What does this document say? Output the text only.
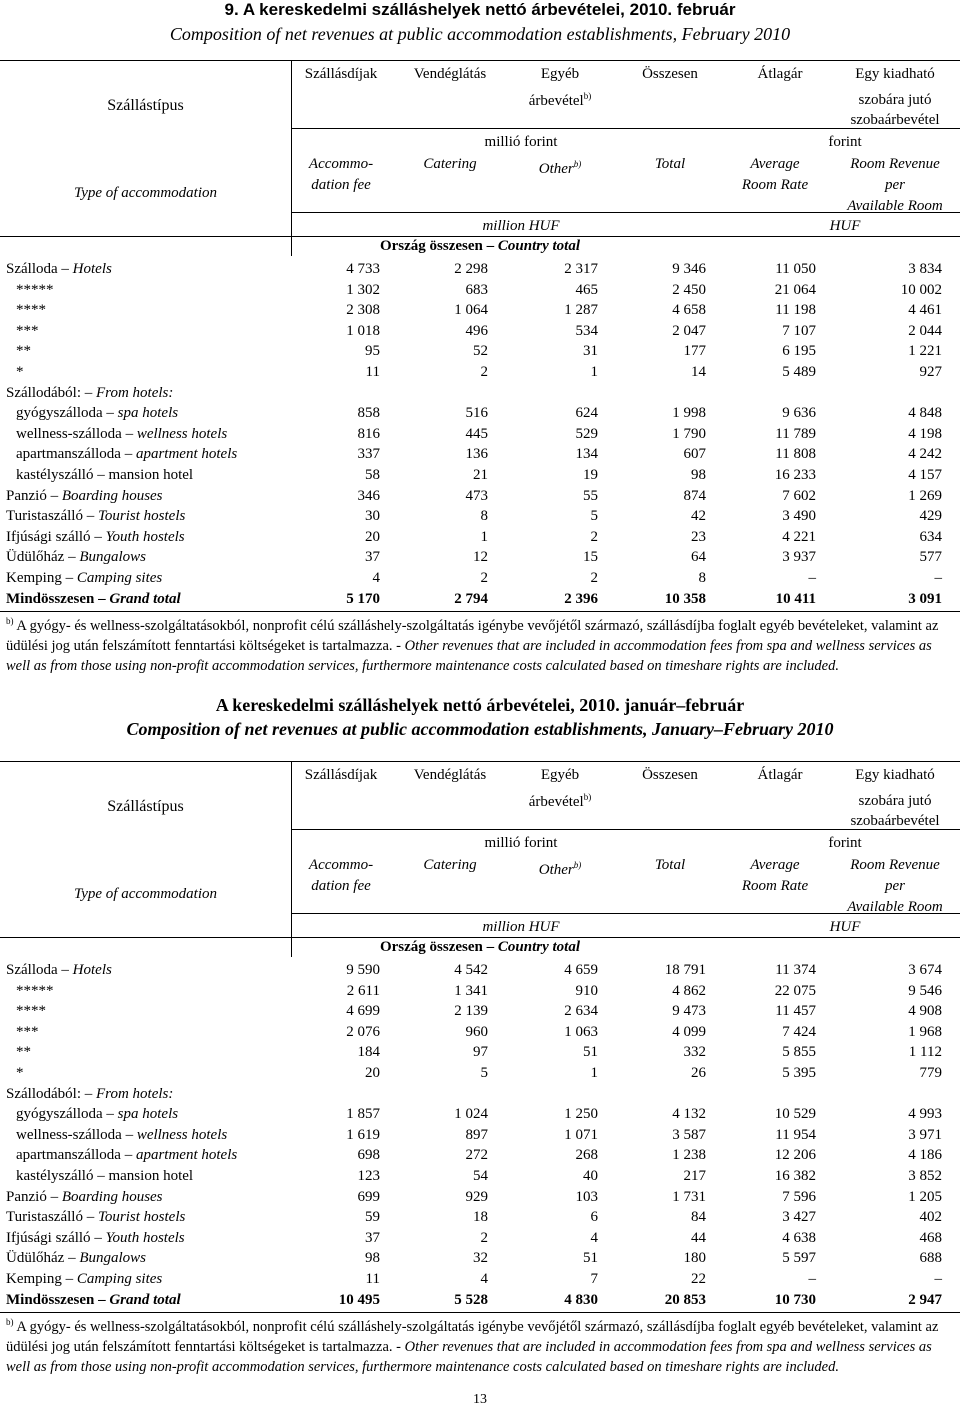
9. A kereskedelmi szálláshelyek nettó árbevételei, 2010. február
Composition of net revenues at public accommodation establishments, February 2010
Szállástípus
Type of accommodation
Szállásdíjak	Vendéglátás	Egyéb
árbevétel$^{b)}$
Összesen	Átlagár	Egy kiadható
szobára jutó
szobaárbevétel
millió forint	forint
Accommo-
dation fee
Catering	Other$^{b)}$	Total	Average
Room Rate
Room Revenue
per
Available Room
million HUF	HUF
Ország összesen – Country total
Szálloda – Hotels	4 733	2 298	2 317	9 346	11 050	3 834
*****	1 302	683	465	2 450	21 064	10 002
****	2 308	1 064	1 287	4 658	11 198	4 461
***	1 018	496	534	2 047	7 107	2 044
**	95	52	31	177	6 195	1 221
*	11	2	1	14	5 489	927
Szállodából: – From hotels:
gyógyszálloda – spa hotels	858	516	624	1 998	9 636	4 848
wellness-szálloda – wellness hotels	816	445	529	1 790	11 789	4 198
apartmanszálloda – apartment hotels	337	136	134	607	11 808	4 242
kastélyszálló – mansion hotel	58	21	19	98	16 233	4 157
Panzió – Boarding houses	346	473	55	874	7 602	1 269
Turistaszálló – Tourist hostels	30	8	5	42	3 490	429
Ifjúsági szálló – Youth hostels	20	1	2	23	4 221	634
Üdülőház – Bungalows	37	12	15	64	3 937	577
Kemping – Camping sites	4	2	2	8	–	–
Mindösszesen – Grand total	5 170	2 794	2 396	10 358	10 411	3 091
$^{b)}$ A gyógy- és wellness-szolgáltatásokból, nonprofit célú szálláshely-szolgáltatás igénybe vevőjétől származó, szállásdíjba foglalt egyéb bevételeket, valamint az üdülési jog után felszámított fenntartási költségeket is tartalmazza. - Other revenues that are included in accommodation fees from spa and wellness services as well as from those using non-profit accommodation services, furthermore maintenance costs calculated based on timeshare rights are included.
A kereskedelmi szálláshelyek nettó árbevételei, 2010. január–február
Composition of net revenues at public accommodation establishments, January–February 2010
Szállástípus
Type of accommodation
Szállásdíjak	Vendéglátás	Egyéb
árbevétel$^{b)}$
Összesen	Átlagár	Egy kiadható
szobára jutó
szobaárbevétel
millió forint	forint
Accommo-
dation fee
Catering	Other$^{b)}$	Total	Average
Room Rate
Room Revenue
per
Available Room
million HUF	HUF
Ország összesen – Country total
Szálloda – Hotels	9 590	4 542	4 659	18 791	11 374	3 674
*****	2 611	1 341	910	4 862	22 075	9 546
****	4 699	2 139	2 634	9 473	11 457	4 908
***	2 076	960	1 063	4 099	7 424	1 968
**	184	97	51	332	5 855	1 112
*	20	5	1	26	5 395	779
Szállodából: – From hotels:
gyógyszálloda – spa hotels	1 857	1 024	1 250	4 132	10 529	4 993
wellness-szálloda – wellness hotels	1 619	897	1 071	3 587	11 954	3 971
apartmanszálloda – apartment hotels	698	272	268	1 238	12 206	4 186
kastélyszálló – mansion hotel	123	54	40	217	16 382	3 852
Panzió – Boarding houses	699	929	103	1 731	7 596	1 205
Turistaszálló – Tourist hostels	59	18	6	84	3 427	402
Ifjúsági szálló – Youth hostels	37	2	4	44	4 638	468
Üdülőház – Bungalows	98	32	51	180	5 597	688
Kemping – Camping sites	11	4	7	22	–	–
Mindösszesen – Grand total	10 495	5 528	4 830	20 853	10 730	2 947
$^{b)}$ A gyógy- és wellness-szolgáltatásokból, nonprofit célú szálláshely-szolgáltatás igénybe vevőjétől származó, szállásdíjba foglalt egyéb bevételeket, valamint az üdülési jog után felszámított fenntartási költségeket is tartalmazza. - Other revenues that are included in accommodation fees from spa and wellness services as well as from those using non-profit accommodation services, furthermore maintenance costs calculated based on timeshare rights are included.
13
